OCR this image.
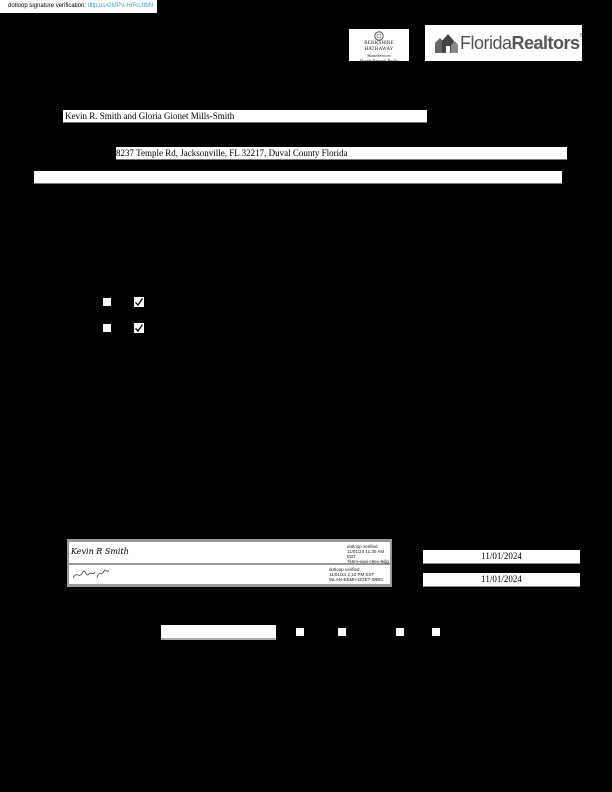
dotloop signature verification: dtlp.us/GMPV-HrRc-ttbN
BERKSHIRE HATHAWAY
HomeServices
Florida Network Realty
FloridaRealtors®
Kevin R. Smith and Gloria Gionet Mills-Smith
8237 Temple Rd, Jacksonville, FL 32217, Duval County Florida
Kevin R Smith
dotloop verified
11/01/24 11:30 AM
EDT
7k6m-eqoi-c6ev-9djg
dotloop verified
11/01/24 2:10 PM EST
WLAN-EEMH-DGE7-WBIC
11/01/2024
11/01/2024
